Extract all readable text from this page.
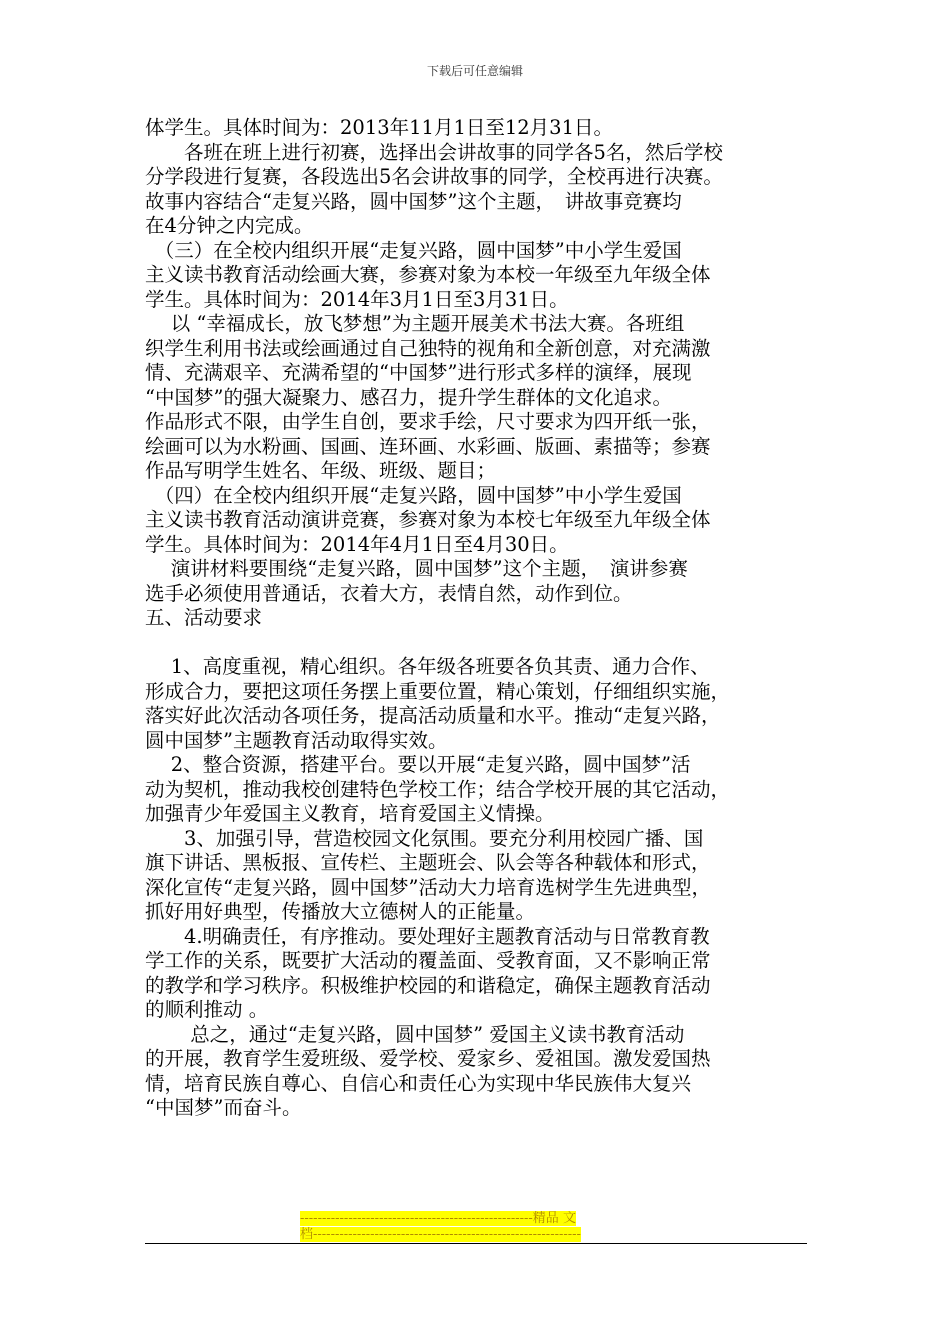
下载后可任意编辑
体学生。具体时间为：2013年11月1日至12月31日。
　　各班在班上进行初赛，选择出会讲故事的同学各5名，然后学校
分学段进行复赛，各段选出5名会讲故事的同学，全校再进行决赛。
故事内容结合“走复兴路，圆中国梦”这个主题，　讲故事竞赛均
在4分钟之内完成。
　（三）在全校内组织开展“走复兴路，圆中国梦”中小学生爱国
主义读书教育活动绘画大赛，参赛对象为本校一年级至九年级全体
学生。具体时间为：2014年3月1日至3月31日。
　 以 “幸福成长，放飞梦想”为主题开展美术书法大赛。各班组
织学生利用书法或绘画通过自己独特的视角和全新创意，对充满激
情、充满艰辛、充满希望的“中国梦”进行形式多样的演绎，展现
“中国梦”的强大凝聚力、感召力，提升学生群体的文化追求。
作品形式不限，由学生自创，要求手绘，尺寸要求为四开纸一张，
绘画可以为水粉画、国画、连环画、水彩画、版画、素描等；参赛
作品写明学生姓名、年级、班级、题目；
　（四）在全校内组织开展“走复兴路，圆中国梦”中小学生爱国
主义读书教育活动演讲竞赛，参赛对象为本校七年级至九年级全体
学生。具体时间为：2014年4月1日至4月30日。
　 演讲材料要围绕“走复兴路，圆中国梦”这个主题，　演讲参赛
选手必须使用普通话，衣着大方，表情自然，动作到位。
五、活动要求
　 1、高度重视，精心组织。各年级各班要各负其责、通力合作、
形成合力，要把这项任务摆上重要位置，精心策划，仔细组织实施，
落实好此次活动各项任务，提高活动质量和水平。推动“走复兴路，
圆中国梦”主题教育活动取得实效。
　 2、整合资源，搭建平台。要以开展“走复兴路，圆中国梦”活
动为契机，推动我校创建特色学校工作；结合学校开展的其它活动，
加强青少年爱国主义教育，培育爱国主义情操。
　　3、加强引导，营造校园文化氛围。要充分利用校园广播、国
旗下讲话、黑板报、宣传栏、主题班会、队会等各种载体和形式，
深化宣传“走复兴路，圆中国梦”活动大力培育选树学生先进典型，
抓好用好典型，传播放大立德树人的正能量。
　　4.明确责任，有序推动。要处理好主题教育活动与日常教育教
学工作的关系，既要扩大活动的覆盖面、受教育面，又不影响正常
的教学和学习秩序。积极维护校园的和谐稳定，确保主题教育活动
的顺利推动 。
　　 总之，通过“走复兴路，圆中国梦” 爱国主义读书教育活动
的开展，教育学生爱班级、爱学校、爱家乡、爱祖国。激发爱国热
情，培育民族自尊心、自信心和责任心为实现中华民族伟大复兴
“中国梦”而奋斗。
-----------------------------------------------------精品 文
档-------------------------------------------------------------
